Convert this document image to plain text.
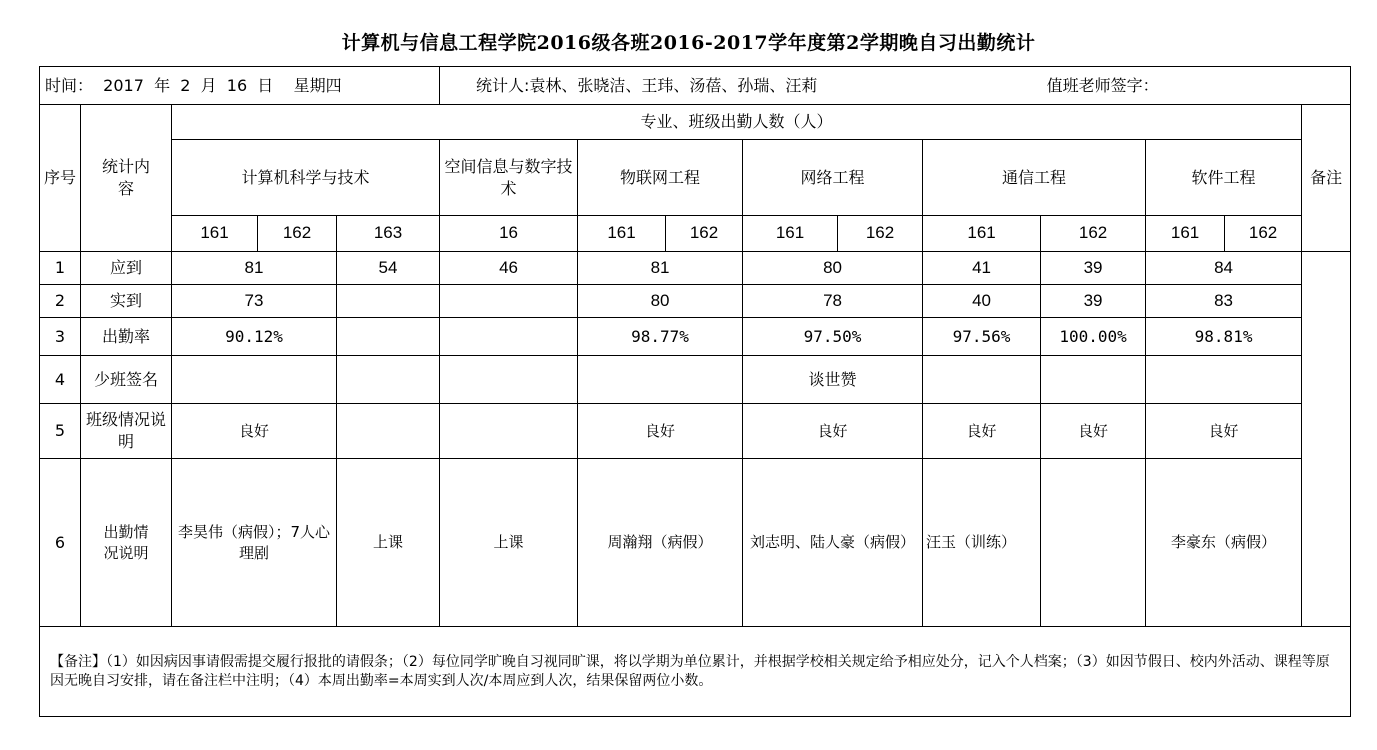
计算机与信息工程学院2016级各班2016-2017学年度第2学期晚自习出勤统计
时间：  2017  年  2  月  16  日    星期四					统计人:袁林、张晓洁、王玮、汤蓓、孙瑞、汪莉						值班老师签字：			
序号	统计内容	专业、班级出勤人数（人）												备注
		计算机科学与技术			空间信息与数字技术	物联网工程		网络工程		通信工程		软件工程		
		161	162	163	16	161	162	161	162	161	162	161	162	
1	应到	81		54	46	81		80		41	39	84		
2	实到	73				80		78		40	39	83		
3	出勤率	90.12%				98.77%		97.50%		97.56%	100.00%	98.81%		
4	少班签名							谈世赞						
5	班级情况说明	良好				良好		良好		良好	良好	良好		
6	出勤情况说明	李昊伟（病假）；7人心理剧		上课	上课	周瀚翔（病假）		刘志明、陆人豪（病假）		汪玉（训练）		李豪东（病假）		
【备注】（1）如因病因事请假需提交履行报批的请假条；（2）每位同学旷晚自习视同旷课，将以学期为单位累计，并根据学校相关规定给予相应处分，记入个人档案；（3）如因节假日、校内外活动、课程等原因无晚自习安排，请在备注栏中注明；（4）本周出勤率=本周实到人次/本周应到人次，结果保留两位小数。														
